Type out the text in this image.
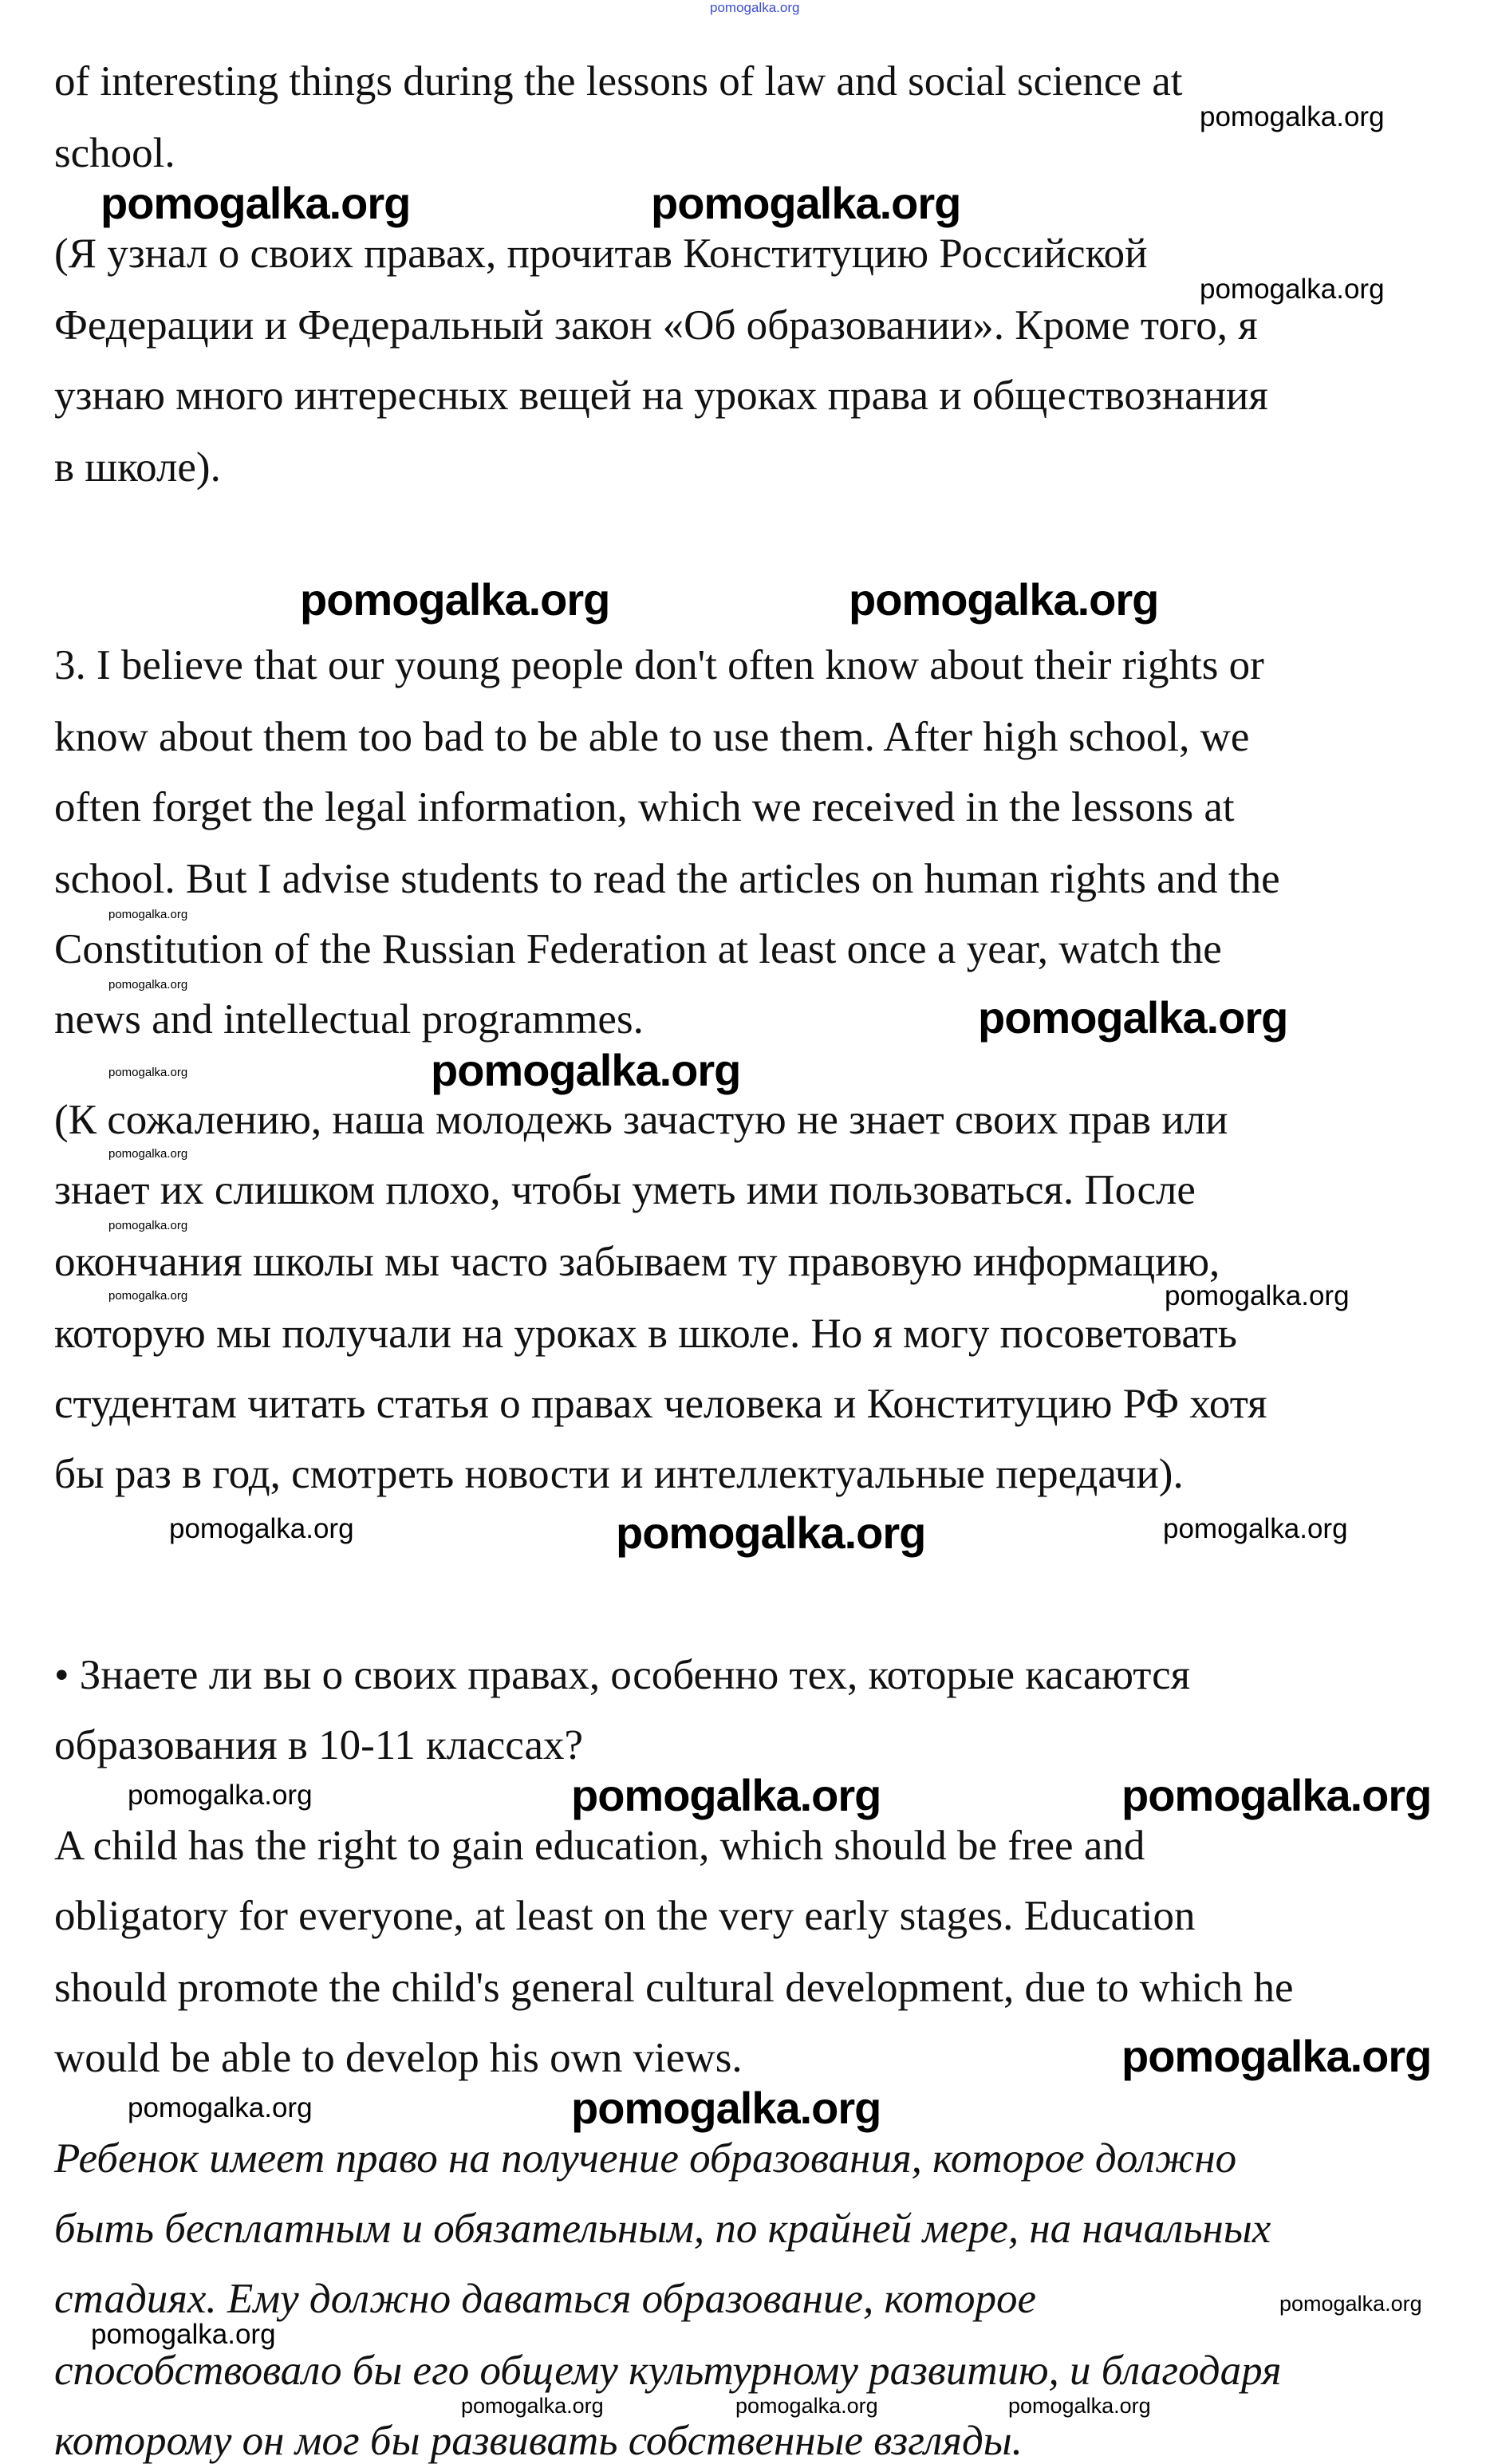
pomogalka.org
pomogalka.org
pomogalka.org	pomogalka.org
pomogalka.org
pomogalka.org	pomogalka.org
pomogalka.org
pomogalka.org
pomogalka.org
pomogalka.org	pomogalka.org
pomogalka.org
pomogalka.org
pomogalka.org
pomogalka.org
pomogalka.org	pomogalka.org	pomogalka.org
pomogalka.org	pomogalka.org	pomogalka.org
pomogalka.org	pomogalka.org
pomogalka.org
pomogalka.org
pomogalka.org
pomogalka.org	pomogalka.org	pomogalka.org
of interesting things during the lessons of law and social science at
school.
(Я узнал о своих правах, прочитав Конституцию Российской
Федерации и Федеральный закон «Об образовании». Кроме того, я
узнаю много интересных вещей на уроках права и обществознания
в школе).
3. I believe that our young people don't often know about their rights or
know about them too bad to be able to use them. After high school, we
often forget the legal information, which we received in the lessons at
school. But I advise students to read the articles on human rights and the
Constitution of the Russian Federation at least once a year, watch the
news and intellectual programmes.
(К сожалению, наша молодежь зачастую не знает своих прав или
знает их слишком плохо, чтобы уметь ими пользоваться. После
окончания школы мы часто забываем ту правовую информацию,
которую мы получали на уроках в школе. Но я могу посоветовать
студентам читать статья о правах человека и Конституцию РФ хотя
бы раз в год, смотреть новости и интеллектуальные передачи).
• Знаете ли вы о своих правах, особенно тех, которые касаются
образования в 10-11 классах?
A child has the right to gain education, which should be free and
obligatory for everyone, at least on the very early stages. Education
should promote the child's general cultural development, due to which he
would be able to develop his own views.
Ребенок имеет право на получение образования, которое должно
быть бесплатным и обязательным, по крайней мере, на начальных
стадиях. Ему должно даваться образование, которое
способствовало бы его общему культурному развитию, и благодаря
которому он мог бы развивать собственные взгляды.
